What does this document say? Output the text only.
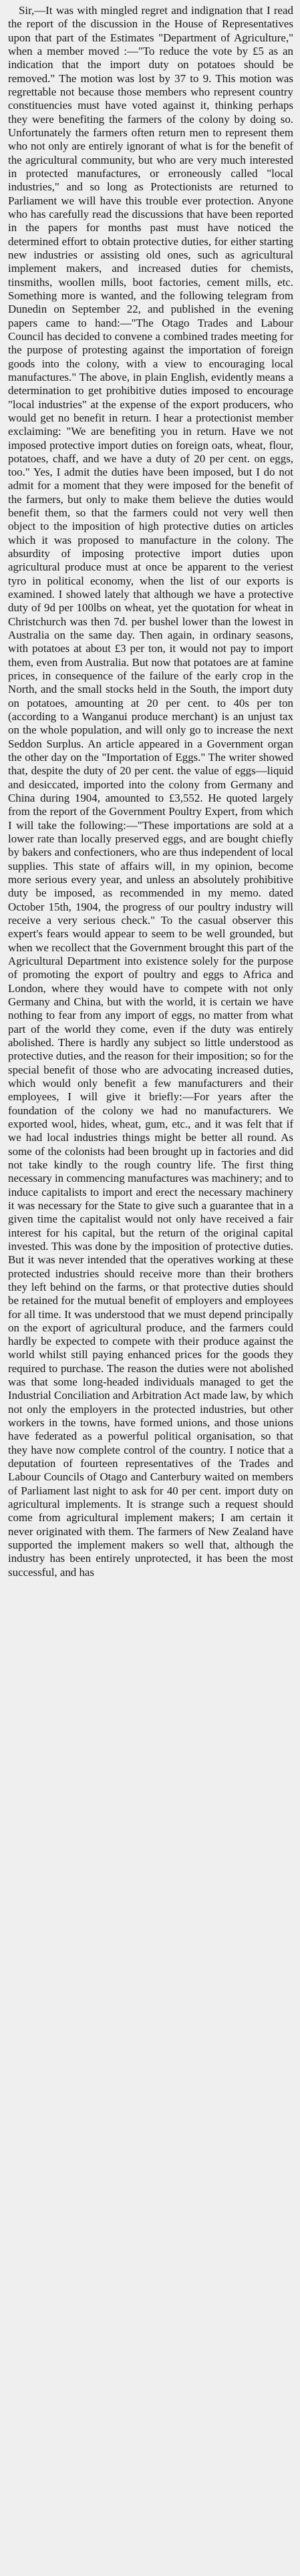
Sir,—It was with mingled regret and indignation that I read the report of the discussion in the House of Representatives upon that part of the Estimates "Department of Agriculture," when a member moved :—"To reduce the vote by £5 as an indication that the import duty on potatoes should be removed." The motion was lost by 37 to 9. This motion was regrettable not because those members who represent country constituencies must have voted against it, thinking perhaps they were benefiting the farmers of the colony by doing so. Unfortunately the farmers often return men to represent them who not only are entirely ignorant of what is for the benefit of the agricultural community, but who are very much interested in protected manufactures, or erroneously called "local industries," and so long as Protectionists are returned to Parliament we will have this trouble ever protection. Anyone who has carefully read the discussions that have been reported in the papers for months past must have noticed the determined effort to obtain protective duties, for either starting new industries or assisting old ones, such as agricultural implement makers, and increased duties for chemists, tinsmiths, woollen mills, boot factories, cement mills, etc. Something more is wanted, and the following telegram from Dunedin on September 22, and published in the evening papers came to hand:—"The Otago Trades and Labour Council has decided to convene a combined trades meeting for the purpose of protesting against the importation of foreign goods into the colony, with a view to encouraging local manufactures." The above, in plain English, evidently means a determination to get prohibitive duties imposed to encourage "local industries" at the expense of the export producers, who would get no benefit in return. I hear a protectionist member exclaiming: "We are benefiting you in return. Have we not imposed protective import duties on foreign oats, wheat, flour, potatoes, chaff, and we have a duty of 20 per cent. on eggs, too." Yes, I admit the duties have been imposed, but I do not admit for a moment that they were imposed for the benefit of the farmers, but only to make them believe the duties would benefit them, so that the farmers could not very well then object to the imposition of high protective duties on articles which it was proposed to manufacture in the colony. The absurdity of imposing protective import duties upon agricultural produce must at once be apparent to the veriest tyro in political economy, when the list of our exports is examined. I showed lately that although we have a protective duty of 9d per 100lbs on wheat, yet the quotation for wheat in Christchurch was then 7d. per bushel lower than the lowest in Australia on the same day. Then again, in ordinary seasons, with potatoes at about £3 per ton, it would not pay to import them, even from Australia. But now that potatoes are at famine prices, in consequence of the failure of the early crop in the North, and the small stocks held in the South, the import duty on potatoes, amounting at 20 per cent. to 40s per ton (according to a Wanganui produce merchant) is an unjust tax on the whole population, and will only go to increase the next Seddon Surplus. An article appeared in a Government organ the other day on the "Importation of Eggs." The writer showed that, despite the duty of 20 per cent. the value of eggs—liquid and desiccated, imported into the colony from Germany and China during 1904, amounted to £3,552. He quoted largely from the report of the Government Poultry Expert, from which I will take the following:—"These importations are sold at a lower rate than locally preserved eggs, and are bought chiefly by bakers and confectioners, who are thus independent of local supplies. This state of affairs will, in my opinion, become more serious every year, and unless an absolutely prohibitive duty be imposed, as recommended in my memo. dated October 15th, 1904, the progress of our poultry industry will receive a very serious check." To the casual observer this expert's fears would appear to seem to be well grounded, but when we recollect that the Government brought this part of the Agricultural Department into existence solely for the purpose of promoting the export of poultry and eggs to Africa and London, where they would have to compete with not only Germany and China, but with the world, it is certain we have nothing to fear from any import of eggs, no matter from what part of the world they come, even if the duty was entirely abolished. There is hardly any subject so little understood as protective duties, and the reason for their imposition; so for the special benefit of those who are advocating increased duties, which would only benefit a few manufacturers and their employees, I will give it briefly:—For years after the foundation of the colony we had no manufacturers. We exported wool, hides, wheat, gum, etc., and it was felt that if we had local industries things might be better all round. As some of the colonists had been brought up in factories and did not take kindly to the rough country life. The first thing necessary in commencing manufactures was machinery; and to induce capitalists to import and erect the necessary machinery it was necessary for the State to give such a guarantee that in a given time the capitalist would not only have received a fair interest for his capital, but the return of the original capital invested. This was done by the imposition of protective duties. But it was never intended that the operatives working at these protected industries should receive more than their brothers they left behind on the farms, or that protective duties should be retained for the mutual benefit of employers and employees for all time. It was understood that we must depend principally on the export of agricultural produce, and the farmers could hardly be expected to compete with their produce against the world whilst still paying enhanced prices for the goods they required to purchase. The reason the duties were not abolished was that some long-headed individuals managed to get the Industrial Conciliation and Arbitration Act made law, by which not only the employers in the protected industries, but other workers in the towns, have formed unions, and those unions have federated as a powerful political organisation, so that they have now complete control of the country. I notice that a deputation of fourteen representatives of the Trades and Labour Councils of Otago and Canterbury waited on members of Parliament last night to ask for 40 per cent. import duty on agricultural implements. It is strange such a request should come from agricultural implement makers; I am certain it never originated with them. The farmers of New Zealand have supported the implement makers so well that, although the industry has been entirely unprotected, it has been the most successful, and has
